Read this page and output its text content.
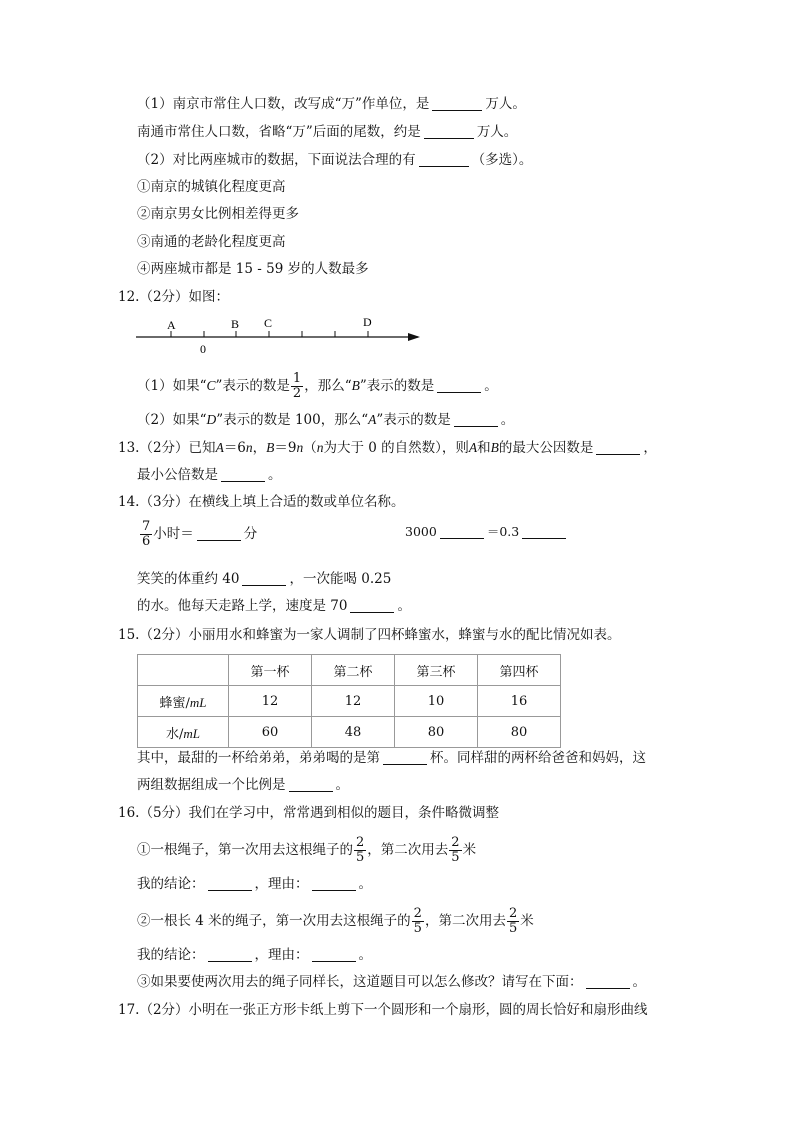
（1）南京市常住人口数，改写成“万”作单位，是	万人。
南通市常住人口数，省略“万”后面的尾数，约是	万人。
（2）对比两座城市的数据，下面说法合理的有	（多选）。
①南京的城镇化程度更高
②南京男女比例相差得更多
③南通的老龄化程度更高
④两座城市都是 15 - 59 岁的人数最多
12.（2分）如图：
A
0
B C	D
（1）如果“C”表示的数是 $\frac{1}{2}$ ，那么“B”表示的数是	。
（2）如果“D”表示的数是 100，那么“A”表示的数是	。
13.（2分）已知A＝6n，B＝9n（n为大于 0 的自然数），则A和B的最大公因数是	，
最小公倍数是	。
14.（3分）在横线上填上合适的数或单位名称。
$\frac{7}{6}$ 小时＝	分	3000	＝0.3
笑笑的体重约 40	，一次能喝 0.25
的水。他每天走路上学，速度是 70	。
15.（2分）小丽用水和蜂蜜为一家人调制了四杯蜂蜜水，蜂蜜与水的配比情况如表。
	第一杯	第二杯	第三杯	第四杯
蜂蜜/mL	12	12	10	16
水/mL	60	48	80	80
其中，最甜的一杯给弟弟，弟弟喝的是第	杯。同样甜的两杯给爸爸和妈妈，这
两组数据组成一个比例是	。
16.（5分）我们在学习中，常常遇到相似的题目，条件略微调整
①一根绳子，第一次用去这根绳子的 $\frac{2}{5}$ ，第二次用去 $\frac{2}{5}$ 米
我的结论：	，理由：	。
②一根长 4 米的绳子，第一次用去这根绳子的 $\frac{2}{5}$ ，第二次用去 $\frac{2}{5}$ 米
我的结论：	，理由：	。
③如果要使两次用去的绳子同样长，这道题目可以怎么修改？请写在下面：	。
17.（2分）小明在一张正方形卡纸上剪下一个圆形和一个扇形，圆的周长恰好和扇形曲线
